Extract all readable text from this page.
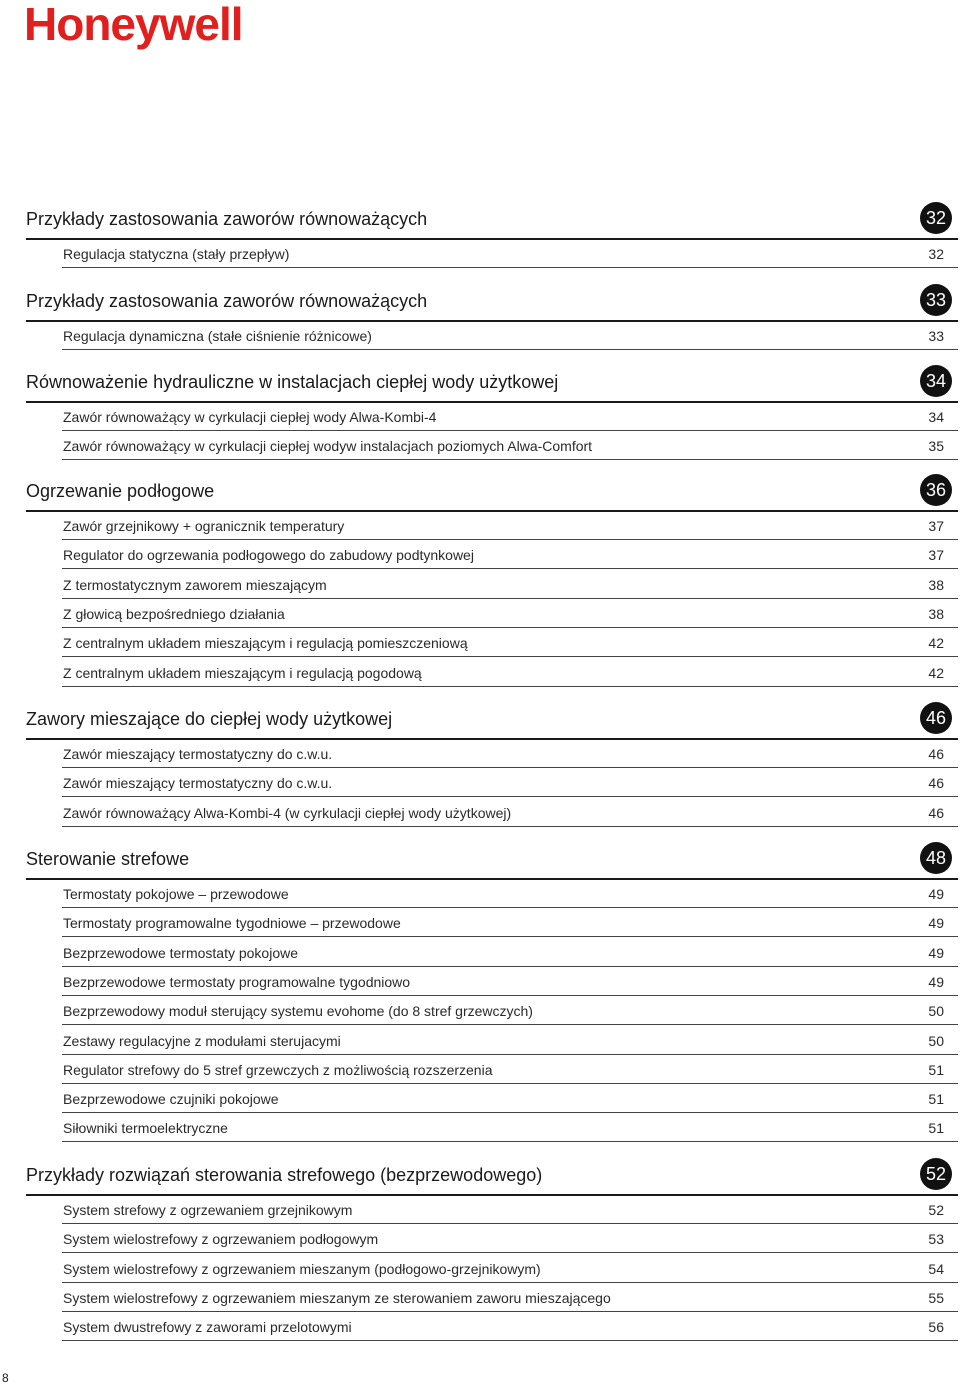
Honeywell
Przykłady zastosowania zaworów równoważących	32
Regulacja statyczna (stały przepływ)	32
Przykłady zastosowania zaworów równoważących	33
Regulacja dynamiczna (stałe ciśnienie różnicowe)	33
Równoważenie hydrauliczne w instalacjach ciepłej wody użytkowej	34
Zawór równoważący w cyrkulacji ciepłej wody Alwa-Kombi-4	34
Zawór równoważący w cyrkulacji ciepłej wodyw instalacjach poziomych Alwa-Comfort	35
Ogrzewanie podłogowe	36
Zawór grzejnikowy + ogranicznik temperatury	37
Regulator do ogrzewania podłogowego do zabudowy podtynkowej	37
Z termostatycznym zaworem mieszającym	38
Z głowicą bezpośredniego działania	38
Z centralnym układem mieszającym i regulacją pomieszczeniową	42
Z centralnym układem mieszającym i regulacją pogodową	42
Zawory mieszające do ciepłej wody użytkowej	46
Zawór mieszający termostatyczny do c.w.u.	46
Zawór mieszający termostatyczny do c.w.u.	46
Zawór równoważący Alwa-Kombi-4 (w cyrkulacji ciepłej wody użytkowej)	46
Sterowanie strefowe	48
Termostaty pokojowe – przewodowe	49
Termostaty programowalne tygodniowe – przewodowe	49
Bezprzewodowe termostaty pokojowe	49
Bezprzewodowe termostaty programowalne tygodniowo	49
Bezprzewodowy moduł sterujący systemu evohome (do 8 stref grzewczych)	50
Zestawy regulacyjne z modułami sterujacymi	50
Regulator strefowy do 5 stref grzewczych z możliwością rozszerzenia	51
Bezprzewodowe czujniki pokojowe	51
Siłowniki termoelektryczne	51
Przykłady rozwiązań sterowania strefowego (bezprzewodowego)	52
System strefowy z ogrzewaniem grzejnikowym	52
System wielostrefowy z ogrzewaniem podłogowym	53
System wielostrefowy z ogrzewaniem mieszanym (podłogowo-grzejnikowym)	54
System wielostrefowy z ogrzewaniem mieszanym ze sterowaniem zaworu mieszającego	55
System dwustrefowy z zaworami przelotowymi	56
8
